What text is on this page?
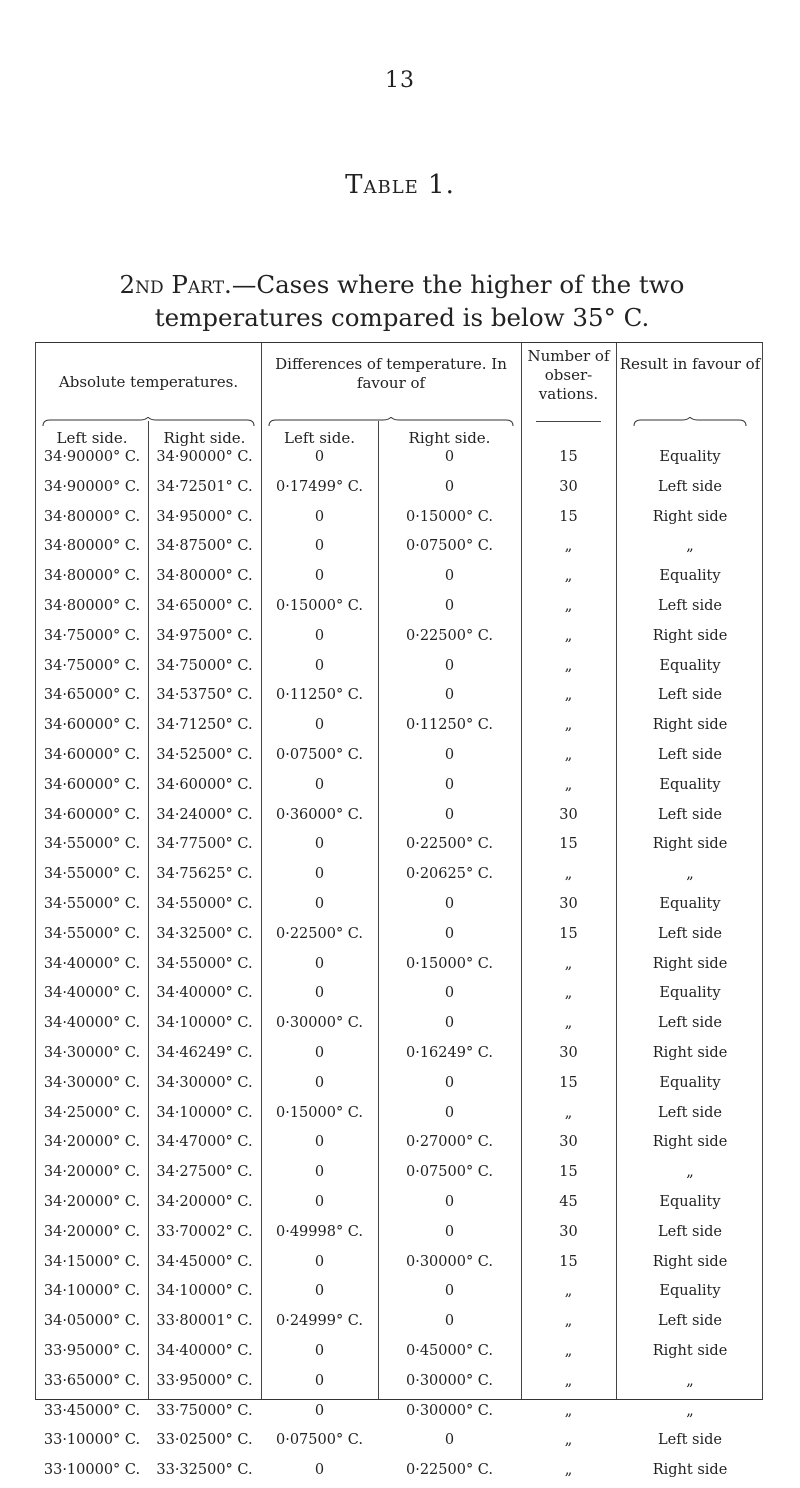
13
Table 1.
2nd Part.—Cases where the higher of the two temperatures compared is below 35° C.
Absolute temperatures.
Differences of temperature. In favour of
Number of obser- vations.
Result in favour of
Left side.	Right side.	Left side.	Right side.
34·90000° C.	34·90000° C.	0	0	15	Equality
34·90000° C.	34·72501° C.	0·17499° C.	0	30	Left side
34·80000° C.	34·95000° C.	0	0·15000° C.	15	Right side
34·80000° C.	34·87500° C.	0	0·07500° C.	„	„
34·80000° C.	34·80000° C.	0	0	„	Equality
34·80000° C.	34·65000° C.	0·15000° C.	0	„	Left side
34·75000° C.	34·97500° C.	0	0·22500° C.	„	Right side
34·75000° C.	34·75000° C.	0	0	„	Equality
34·65000° C.	34·53750° C.	0·11250° C.	0	„	Left side
34·60000° C.	34·71250° C.	0	0·11250° C.	„	Right side
34·60000° C.	34·52500° C.	0·07500° C.	0	„	Left side
34·60000° C.	34·60000° C.	0	0	„	Equality
34·60000° C.	34·24000° C.	0·36000° C.	0	30	Left side
34·55000° C.	34·77500° C.	0	0·22500° C.	15	Right side
34·55000° C.	34·75625° C.	0	0·20625° C.	„	„
34·55000° C.	34·55000° C.	0	0	30	Equality
34·55000° C.	34·32500° C.	0·22500° C.	0	15	Left side
34·40000° C.	34·55000° C.	0	0·15000° C.	„	Right side
34·40000° C.	34·40000° C.	0	0	„	Equality
34·40000° C.	34·10000° C.	0·30000° C.	0	„	Left side
34·30000° C.	34·46249° C.	0	0·16249° C.	30	Right side
34·30000° C.	34·30000° C.	0	0	15	Equality
34·25000° C.	34·10000° C.	0·15000° C.	0	„	Left side
34·20000° C.	34·47000° C.	0	0·27000° C.	30	Right side
34·20000° C.	34·27500° C.	0	0·07500° C.	15	„
34·20000° C.	34·20000° C.	0	0	45	Equality
34·20000° C.	33·70002° C.	0·49998° C.	0	30	Left side
34·15000° C.	34·45000° C.	0	0·30000° C.	15	Right side
34·10000° C.	34·10000° C.	0	0	„	Equality
34·05000° C.	33·80001° C.	0·24999° C.	0	„	Left side
33·95000° C.	34·40000° C.	0	0·45000° C.	„	Right side
33·65000° C.	33·95000° C.	0	0·30000° C.	„	„
33·45000° C.	33·75000° C.	0	0·30000° C.	„	„
33·10000° C.	33·02500° C.	0·07500° C.	0	„	Left side
33·10000° C.	33·32500° C.	0	0·22500° C.	„	Right side
